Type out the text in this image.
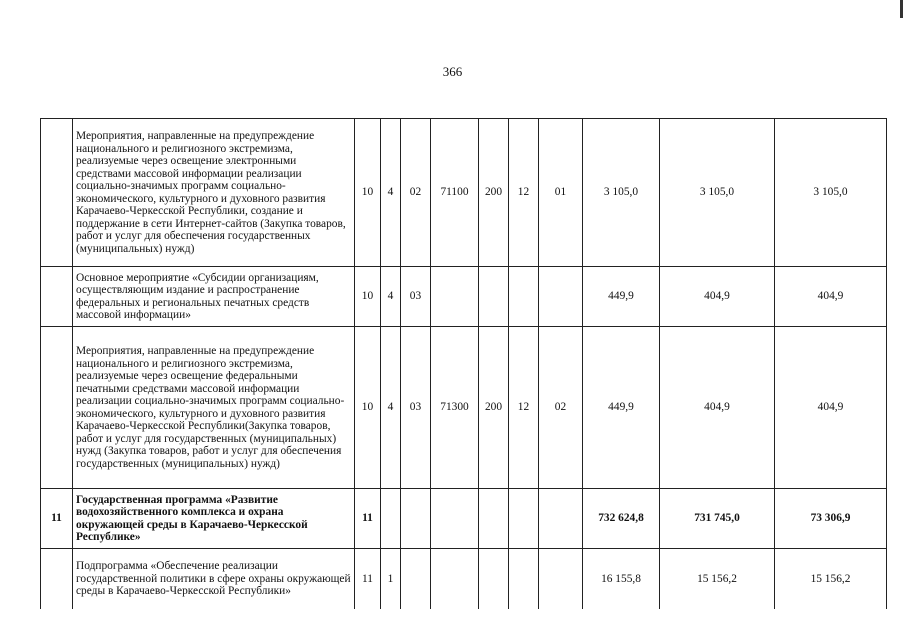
366
	Мероприятия, направленные на предупреждение национального и религиозного экстремизма, реализуемые через освещение электронными средствами массовой информации реализации социально-значимых программ социально-экономического, культурного и духовного развития Карачаево-Черкесской Республики, создание и поддержание в сети Интернет-сайтов (Закупка товаров, работ и услуг для обеспечения государственных (муниципальных) нужд)	10	4	02	71100	200	12	01	3 105,0	3 105,0	3 105,0
	Основное мероприятие «Субсидии организациям, осуществляющим издание и распространение федеральных и региональных печатных средств массовой информации»	10	4	03					449,9	404,9	404,9
	Мероприятия, направленные на предупреждение национального и религиозного экстремизма, реализуемые через освещение федеральными печатными средствами массовой информации реализации социально-значимых программ социально-экономического, культурного и духовного развития Карачаево-Черкесской Республики(Закупка товаров, работ и услуг для государственных (муниципальных) нужд (Закупка товаров, работ и услуг для обеспечения государственных (муниципальных) нужд)	10	4	03	71300	200	12	02	449,9	404,9	404,9
11	Государственная программа «Развитие водохозяйственного комплекса и охрана окружающей среды в Карачаево-Черкесской Республике»	11							732 624,8	731 745,0	73 306,9
	Подпрограмма «Обеспечение реализации государственной политики в сфере охраны окружающей среды в Карачаево-Черкесской Республики»	11	1						16 155,8	15 156,2	15 156,2
